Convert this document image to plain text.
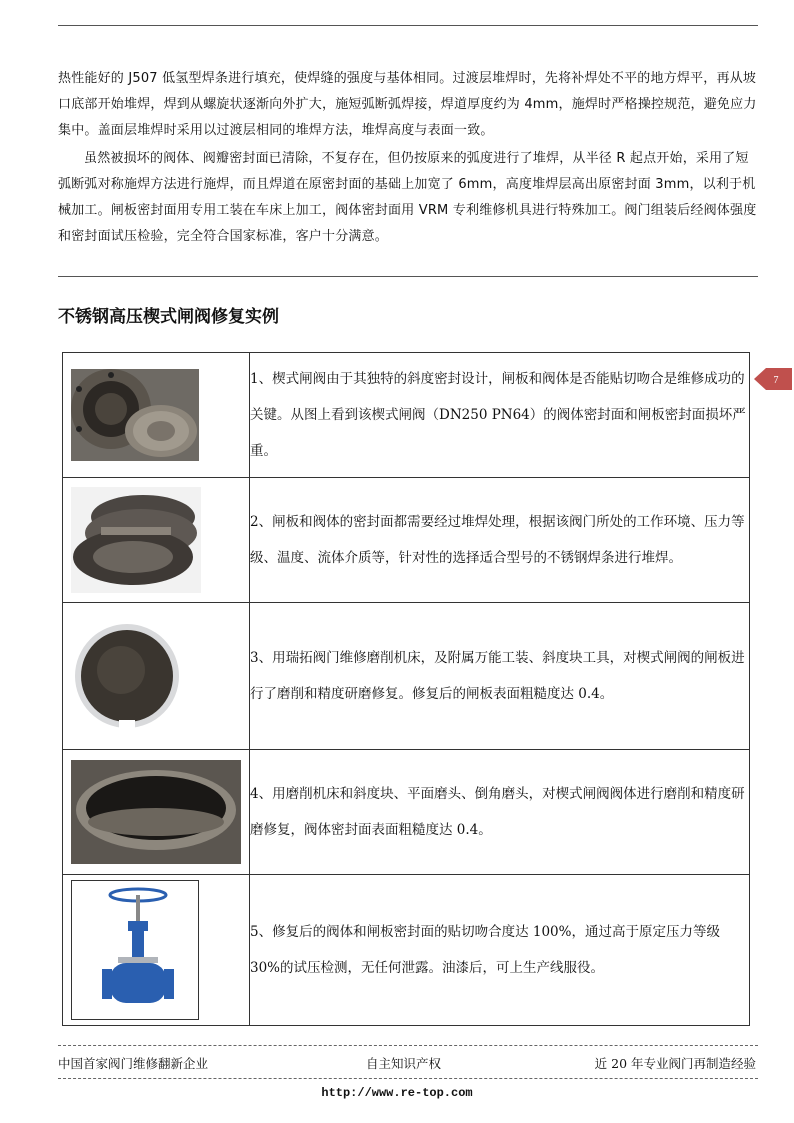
热性能好的 J507 低氢型焊条进行填充，使焊缝的强度与基体相同。过渡层堆焊时，先将补焊处不平的地方焊平，再从坡口底部开始堆焊，焊到从螺旋状逐渐向外扩大，施短弧断弧焊接，焊道厚度约为 4mm，施焊时严格操控规范，避免应力集中。盖面层堆焊时采用以过渡层相同的堆焊方法，堆焊高度与表面一致。

虽然被损坏的阀体、阀瓣密封面已清除，不复存在，但仍按原来的弧度进行了堆焊，从半径 R 起点开始，采用了短弧断弧对称施焊方法进行施焊，而且焊道在原密封面的基础上加宽了 6mm，高度堆焊层高出原密封面 3mm，以利于机械加工。闸板密封面用专用工装在车床上加工，阀体密封面用 VRM 专利维修机具进行特殊加工。阀门组装后经阀体强度和密封面试压检验，完全符合国家标准，客户十分满意。

不锈钢高压楔式闸阀修复实例
	1、楔式闸阀由于其独特的斜度密封设计，闸板和阀体是否能贴切吻合是维修成功的关键。从图上看到该楔式闸阀（DN250 PN64）的阀体密封面和闸板密封面损坏严重。

	2、闸板和阀体的密封面都需要经过堆焊处理，根据该阀门所处的工作环境、压力等级、温度、流体介质等，针对性的选择适合型号的不锈钢焊条进行堆焊。

	3、用瑞拓阀门维修磨削机床，及附属万能工装、斜度块工具，对楔式闸阀的闸板进行了磨削和精度研磨修复。修复后的闸板表面粗糙度达 0.4。

	4、用磨削机床和斜度块、平面磨头、倒角磨头，对楔式闸阀阀体进行磨削和精度研磨修复，阀体密封面表面粗糙度达 0.4。

	5、修复后的阀体和闸板密封面的贴切吻合度达 100%，通过高于原定压力等级 30%的试压检测，无任何泄露。油漆后，可上生产线服役。
7
中国首家阀门维修翻新企业	自主知识产权	近 20 年专业阀门再制造经验
http://www.re-top.com
